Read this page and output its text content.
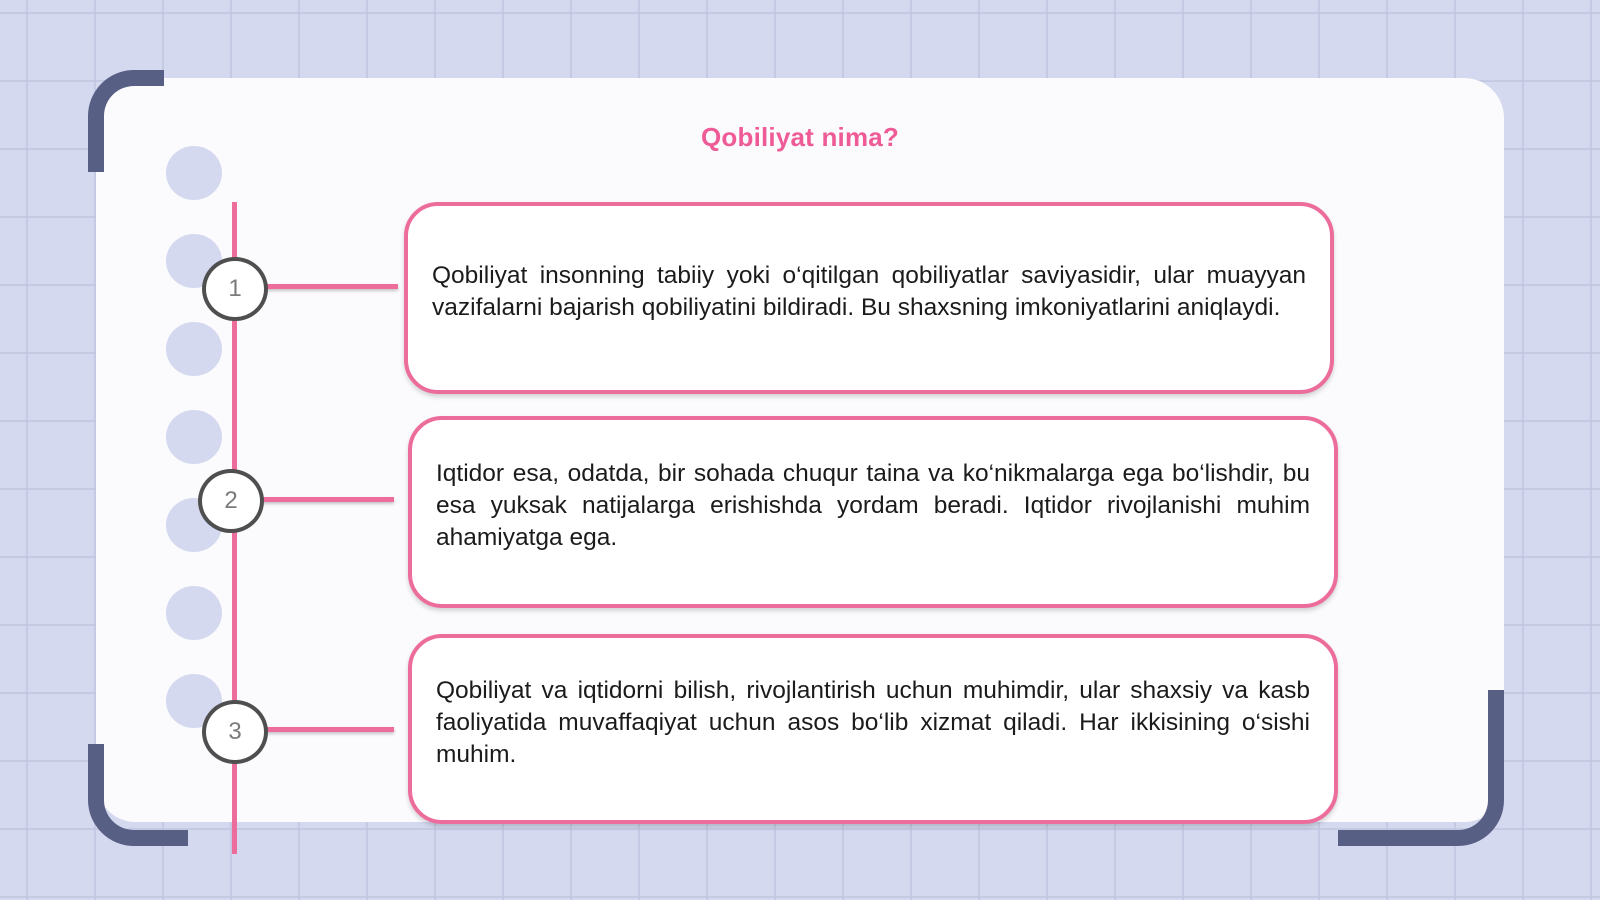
Qobiliyat nima?
1	Qobiliyat insonning tabiiy yoki o‘qitilgan qobiliyatlar saviyasidir, ular muayyan vazifalarni bajarish qobiliyatini bildiradi. Bu shaxsning imkoniyatlarini aniqlaydi.

2

Iqtidor esa, odatda, bir sohada chuqur taina va ko‘nikmalarga ega bo‘lishdir, bu esa yuksak natijalarga erishishda yordam beradi. Iqtidor rivojlanishi muhim ahamiyatga ega.

3

Qobiliyat va iqtidorni bilish, rivojlantirish uchun muhimdir, ular shaxsiy va kasb faoliyatida muvaffaqiyat uchun asos bo‘lib xizmat qiladi. Har ikkisining o‘sishi muhim.
